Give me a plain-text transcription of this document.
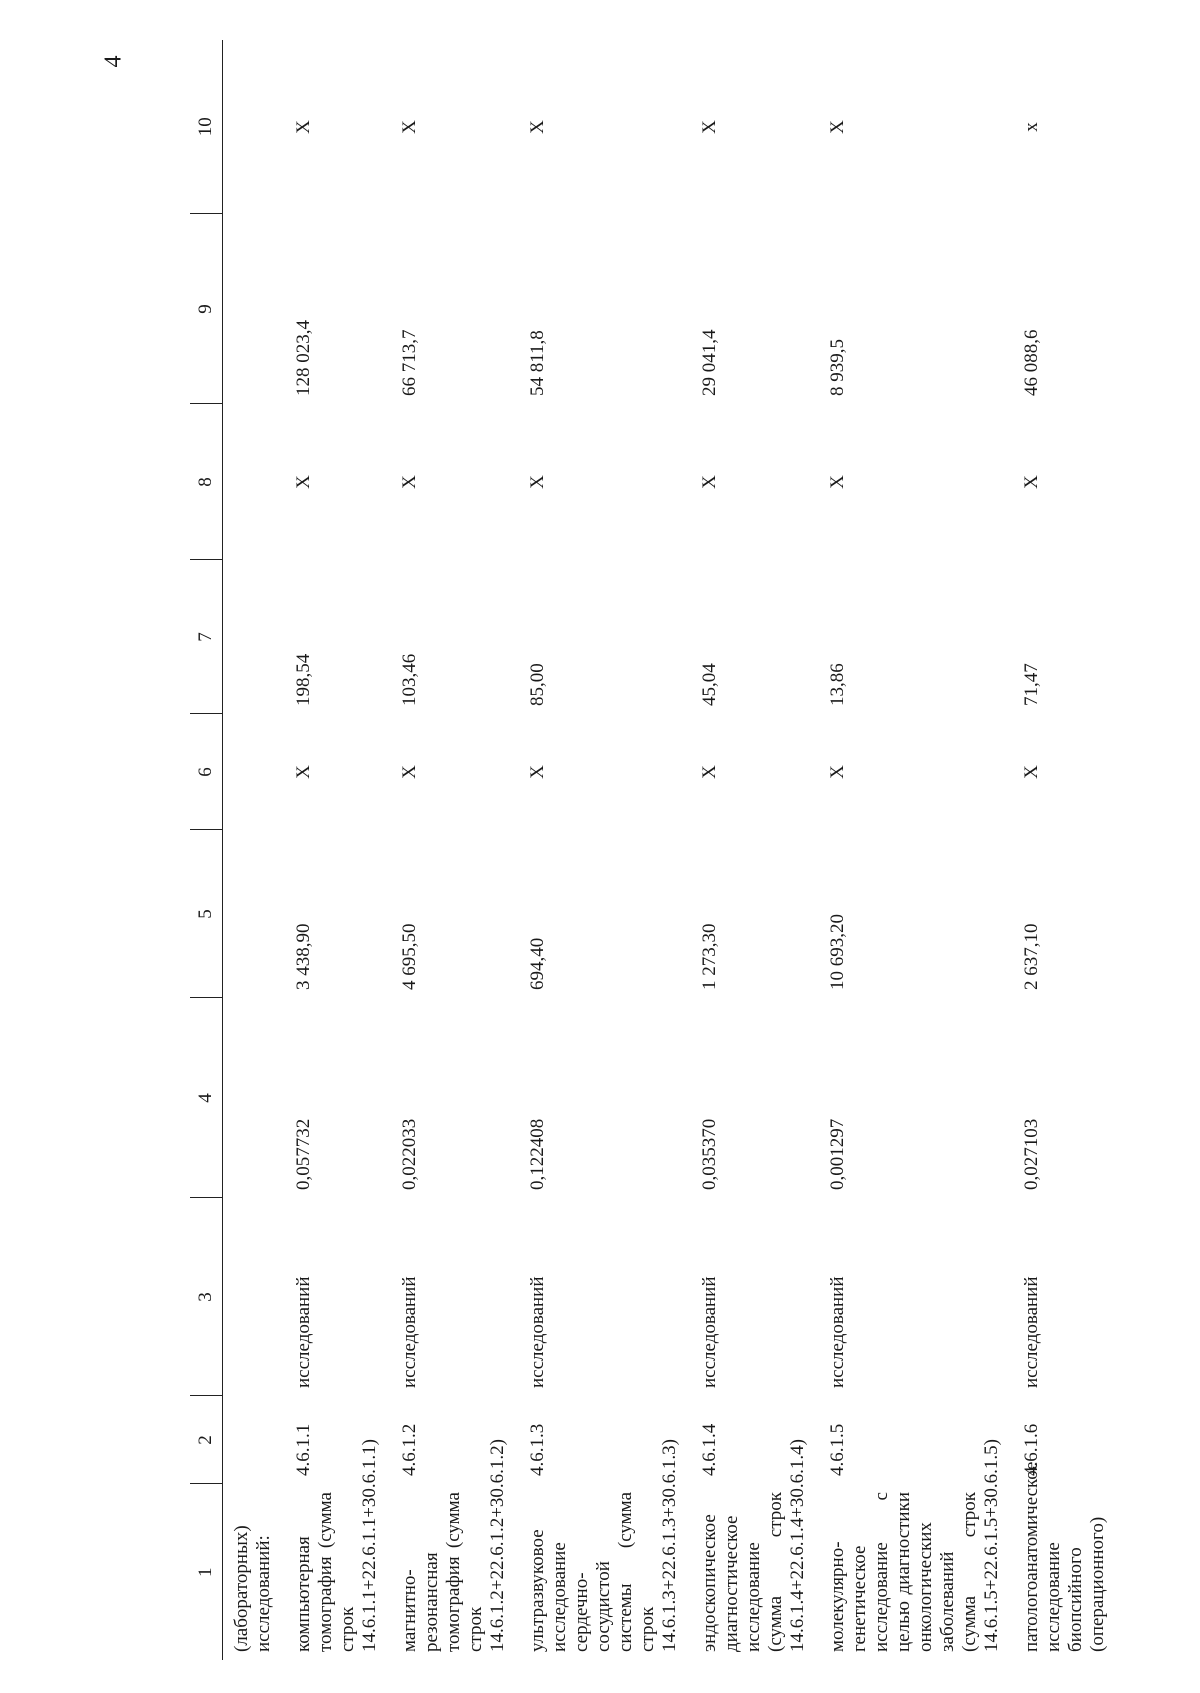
4
1	2	3	4	5	6	7	8	9	10
(лабораторных) исследований:									
компьютерная томография (сумма строк 14.6.1.1+22.6.1.1+30.6.1.1)	4.6.1.1	исследований	0,057732	3 438,90	Х	198,54	Х	128 023,4	Х
магнитно-резонансная томография (сумма строк 14.6.1.2+22.6.1.2+30.6.1.2)	4.6.1.2	исследований	0,022033	4 695,50	Х	103,46	Х	66 713,7	Х
ультразвуковое исследование сердечно-сосудистой системы (сумма строк 14.6.1.3+22.6.1.3+30.6.1.3)	4.6.1.3	исследований	0,122408	694,40	Х	85,00	Х	54 811,8	Х
эндоскопическое диагностическое исследование (сумма строк 14.6.1.4+22.6.1.4+30.6.1.4)	4.6.1.4	исследований	0,035370	1 273,30	Х	45,04	Х	29 041,4	Х
молекулярно-генетическое исследование с целью диагностики онкологических заболеваний (сумма строк 14.6.1.5+22.6.1.5+30.6.1.5)	4.6.1.5	исследований	0,001297	10 693,20	Х	13,86	Х	8 939,5	Х
патологоанатомическое исследование биопсийного (операционного)	4.6.1.6	исследований	0,027103	2 637,10	Х	71,47	Х	46 088,6	х
